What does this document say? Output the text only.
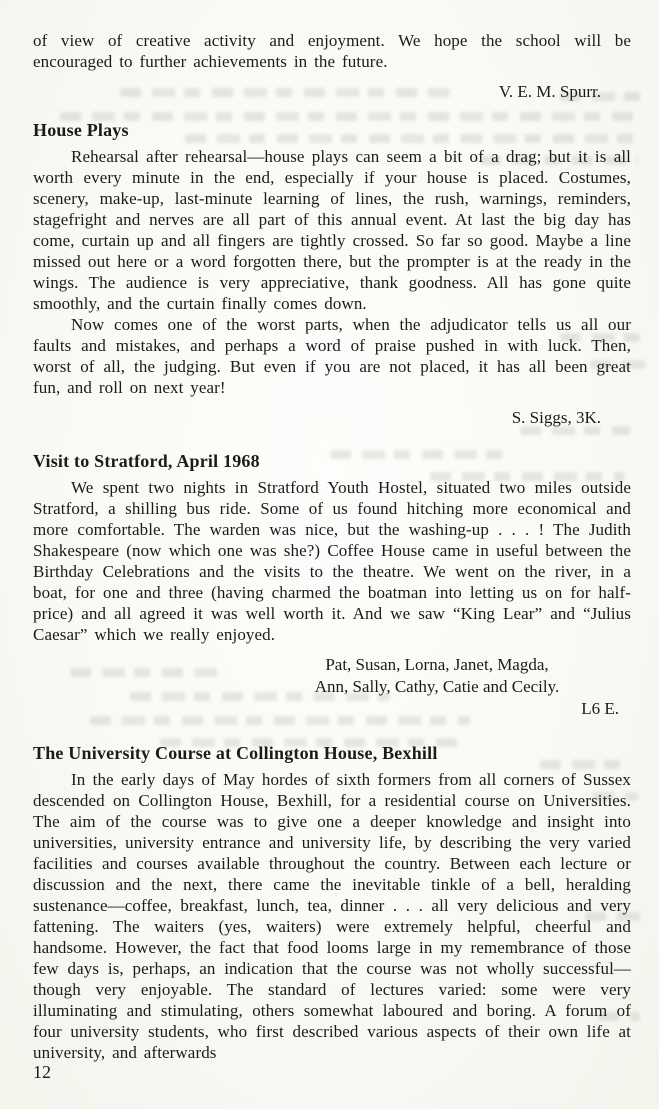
of view of creative activity and enjoyment. We hope the school will be encouraged to further achievements in the future.

V. E. M. Spurr.
House Plays

Rehearsal after rehearsal—house plays can seem a bit of a drag; but it is all worth every minute in the end, especially if your house is placed. Costumes, scenery, make-up, last-minute learning of lines, the rush, warnings, reminders, stagefright and nerves are all part of this annual event. At last the big day has come, curtain up and all fingers are tightly crossed. So far so good. Maybe a line missed out here or a word forgotten there, but the prompter is at the ready in the wings. The audience is very appreciative, thank goodness. All has gone quite smoothly, and the curtain finally comes down.

Now comes one of the worst parts, when the adjudicator tells us all our faults and mistakes, and perhaps a word of praise pushed in with luck. Then, worst of all, the judging. But even if you are not placed, it has all been great fun, and roll on next year!

S. Siggs, 3K.
Visit to Stratford, April 1968

We spent two nights in Stratford Youth Hostel, situated two miles outside Stratford, a shilling bus ride. Some of us found hitching more economical and more comfortable. The warden was nice, but the washing-up . . . ! The Judith Shakespeare (now which one was she?) Coffee House came in useful between the Birthday Celebrations and the visits to the theatre. We went on the river, in a boat, for one and three (having charmed the boatman into letting us on for half-price) and all agreed it was well worth it. And we saw “King Lear” and “Julius Caesar” which we really enjoyed.

Pat, Susan, Lorna, Janet, Magda,
Ann, Sally, Cathy, Catie and Cecily.
L6 E.
The University Course at Collington House, Bexhill

In the early days of May hordes of sixth formers from all corners of Sussex descended on Collington House, Bexhill, for a residential course on Universities. The aim of the course was to give one a deeper knowledge and insight into universities, university entrance and university life, by describing the very varied facilities and courses available throughout the country. Between each lecture or discussion and the next, there came the inevitable tinkle of a bell, heralding sustenance—coffee, breakfast, lunch, tea, dinner . . . all very delicious and very fattening. The waiters (yes, waiters) were extremely helpful, cheerful and handsome. However, the fact that food looms large in my remembrance of those few days is, perhaps, an indication that the course was not wholly successful—though very enjoyable. The standard of lectures varied: some were very illuminating and stimulating, others somewhat laboured and boring. A forum of four university students, who first described various aspects of their own life at university, and afterwards

12
